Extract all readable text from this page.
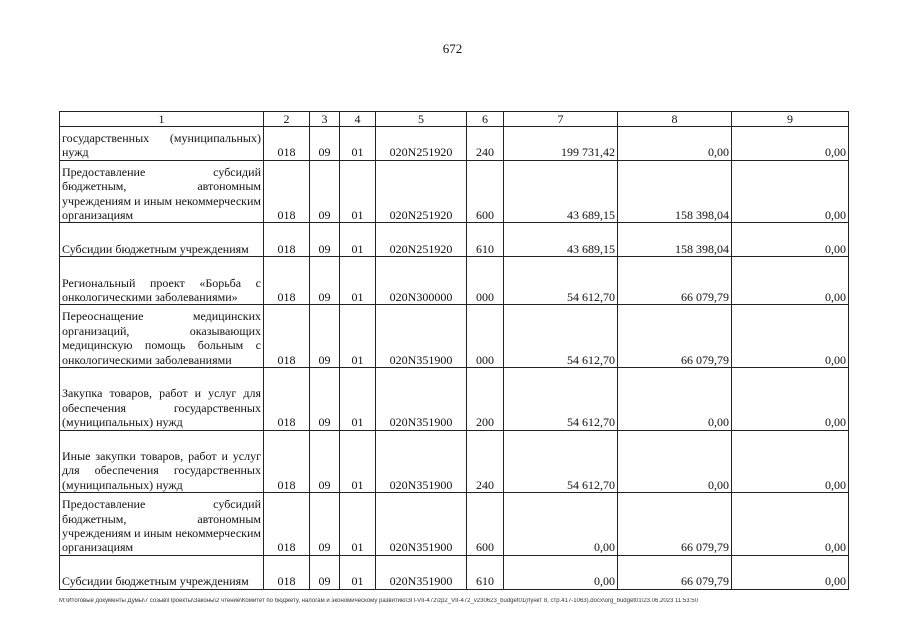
672
1	2	3	4	5	6	7	8	9
государственных (муниципальных) нужд	018	09	01	020N251920	240	199 731,42	0,00	0,00
Предоставление субсидий бюджетным, автономным учреждениям и иным некоммерческим организациям	018	09	01	020N251920	600	43 689,15	158 398,04	0,00
Субсидии бюджетным учреждениям	018	09	01	020N251920	610	43 689,15	158 398,04	0,00
Региональный проект «Борьба с онкологическими заболеваниями»	018	09	01	020N300000	000	54 612,70	66 079,79	0,00
Переоснащение медицинских организаций, оказывающих медицинскую помощь больным с онкологическими заболеваниями	018	09	01	020N351900	000	54 612,70	66 079,79	0,00
Закупка товаров, работ и услуг для обеспечения государственных (муниципальных) нужд	018	09	01	020N351900	200	54 612,70	0,00	0,00
Иные закупки товаров, работ и услуг для обеспечения государственных (муниципальных) нужд	018	09	01	020N351900	240	54 612,70	0,00	0,00
Предоставление субсидий бюджетным, автономным учреждениям и иным некоммерческим организациям	018	09	01	020N351900	600	0,00	66 079,79	0,00
Субсидии бюджетным учреждениям	018	09	01	020N351900	610	0,00	66 079,79	0,00
M:\Итоговые документы Думы\7 созыв\Проекты\Законы\2 чтение\Комитет по бюджету, налогам и экономическому развитию\ЗП-VII-472\zp2_VII-472_v230623_budget01(пункт 8, стр.417-1063).docx\org_budget01\23.06.2023 11:53:50
